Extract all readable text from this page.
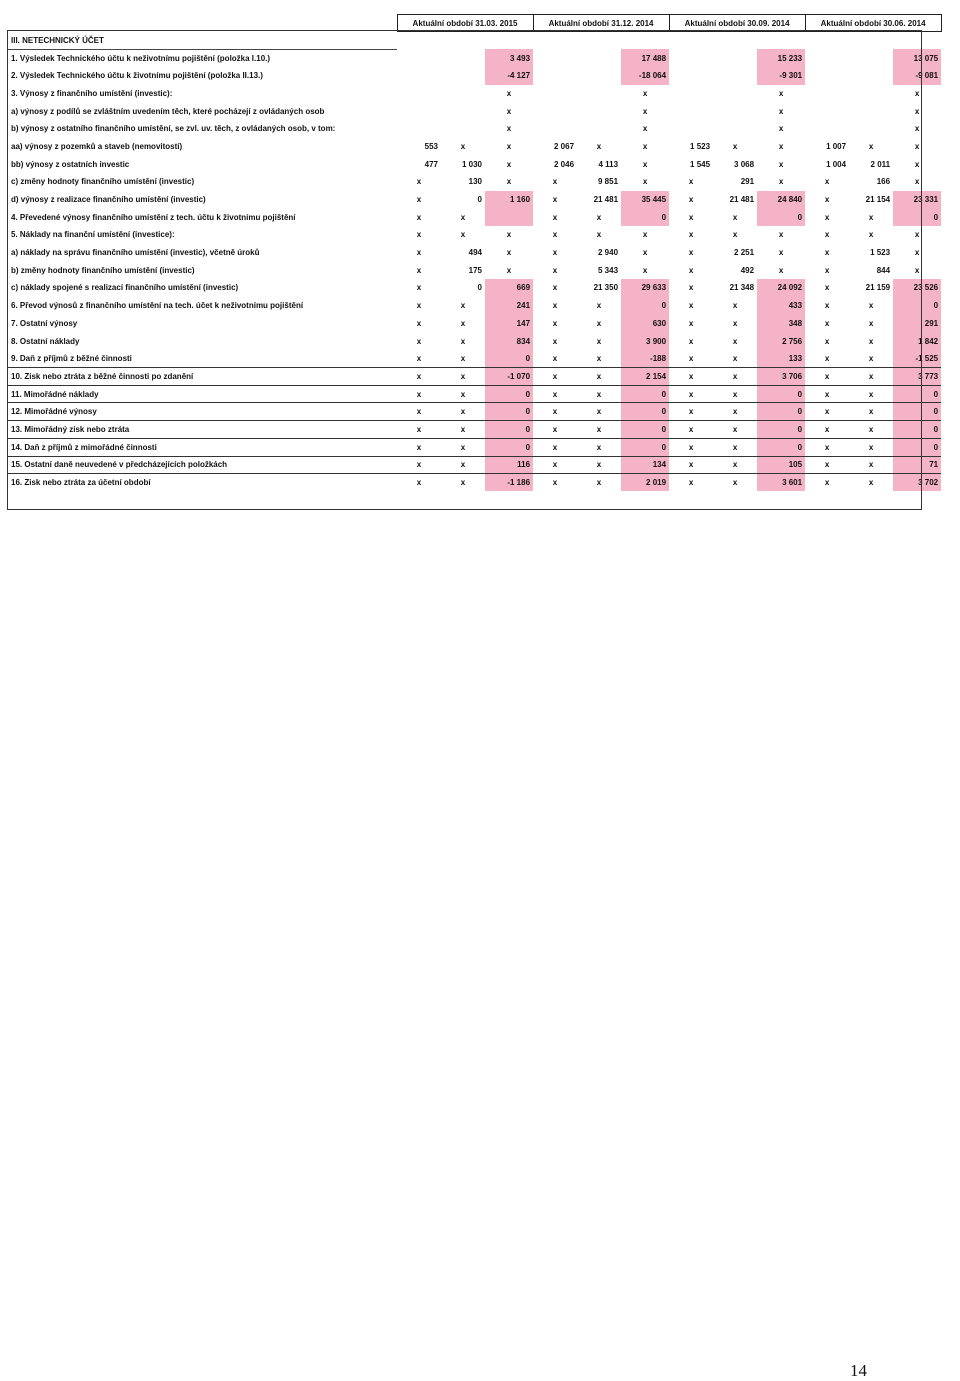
	Aktuální období 31.03. 2015			Aktuální období 31.12. 2014			Aktuální období 30.09. 2014			Aktuální období 30.06. 2014		
III. NETECHNICKÝ ÚČET												
1. Výsledek Technického účtu k neživotnímu pojištění (položka I.10.)			3 493			17 488			15 233			13 075
2. Výsledek Technického účtu k životnímu pojištění (položka II.13.)			-4 127			-18 064			-9 301			-9 081
3. Výnosy z finančního umístění (investic):			x			x			x			x
a) výnosy z podílů se zvláštním uvedením těch, které pocházejí z ovládaných osob			x			x			x			x
b) výnosy z ostatního finančního umístění, se zvl. uv. těch, z ovládaných osob, v tom:			x			x			x			x
aa) výnosy z pozemků a staveb (nemovitostí)	553	x	x	2 067	x	x	1 523	x	x	1 007	x	x
bb) výnosy z ostatních investic	477	1 030	x	2 046	4 113	x	1 545	3 068	x	1 004	2 011	x
c) změny hodnoty finančního umístění (investic)	x	130	x	x	9 851	x	x	291	x	x	166	x
d) výnosy z realizace finančního umístění (investic)	x	0	1 160	x	21 481	35 445	x	21 481	24 840	x	21 154	23 331
4. Převedené výnosy finančního umístění z tech. účtu k životnímu pojištění	x	x		x	x	0	x	x	0	x	x	0
5. Náklady na finanční umístění (investice):	x	x	x	x	x	x	x	x	x	x	x	x
a) náklady na správu finančního umístění (investic), včetně úroků	x	494	x	x	2 940	x	x	2 251	x	x	1 523	x
b) změny hodnoty finančního umístění (investic)	x	175	x	x	5 343	x	x	492	x	x	844	x
c) náklady spojené s realizací finančního umístění (investic)	x	0	669	x	21 350	29 633	x	21 348	24 092	x	21 159	23 526
6. Převod výnosů z finančního umístění na tech. účet k neživotnímu pojištění	x	x	241	x	x	0	x	x	433	x	x	0
7. Ostatní výnosy	x	x	147	x	x	630	x	x	348	x	x	291
8. Ostatní náklady	x	x	834	x	x	3 900	x	x	2 756	x	x	1 842
9. Daň z příjmů z běžné činnosti	x	x	0	x	x	-188	x	x	133	x	x	-1 525
10. Zisk nebo ztráta z běžné činnosti po zdanění	x	x	-1 070	x	x	2 154	x	x	3 706	x	x	3 773
11. Mimořádné náklady	x	x	0	x	x	0	x	x	0	x	x	0
12. Mimořádné výnosy	x	x	0	x	x	0	x	x	0	x	x	0
13. Mimořádný zisk nebo ztráta	x	x	0	x	x	0	x	x	0	x	x	0
14. Daň z příjmů z mimořádné činnosti	x	x	0	x	x	0	x	x	0	x	x	0
15. Ostatní daně neuvedené v předcházejících položkách	x	x	116	x	x	134	x	x	105	x	x	71
16. Zisk nebo ztráta za účetní období	x	x	-1 186	x	x	2 019	x	x	3 601	x	x	3 702
14
